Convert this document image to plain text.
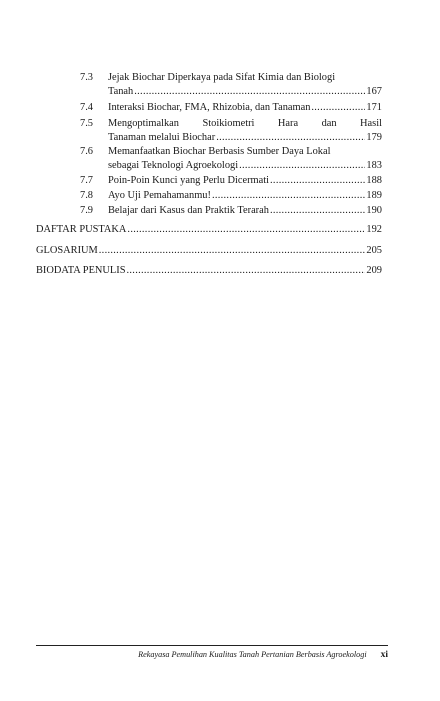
7.3	Jejak Biochar Diperkaya pada Sifat Kimia dan Biologi
Tanah .....	167
7.4	Interaksi Biochar, FMA, Rhizobia, dan Tanaman .....	171
7.5	Mengoptimalkan Stoikiometri Hara dan Hasil
Tanaman melalui Biochar .....	179
7.6	Memanfaatkan Biochar Berbasis Sumber Daya Lokal
sebagai Teknologi Agroekologi .....	183
7.7	Poin-Poin Kunci yang Perlu Dicermati .....	188
7.8	Ayo Uji Pemahamanmu! .....	189
7.9	Belajar dari Kasus dan Praktik Terarah .....	190
DAFTAR PUSTAKA .....	192
GLOSARIUM .....	205
BIODATA PENULIS .....	209
Rekayasa Pemulihan Kualitas Tanah Pertanian Berbasis Agroekologi xi
